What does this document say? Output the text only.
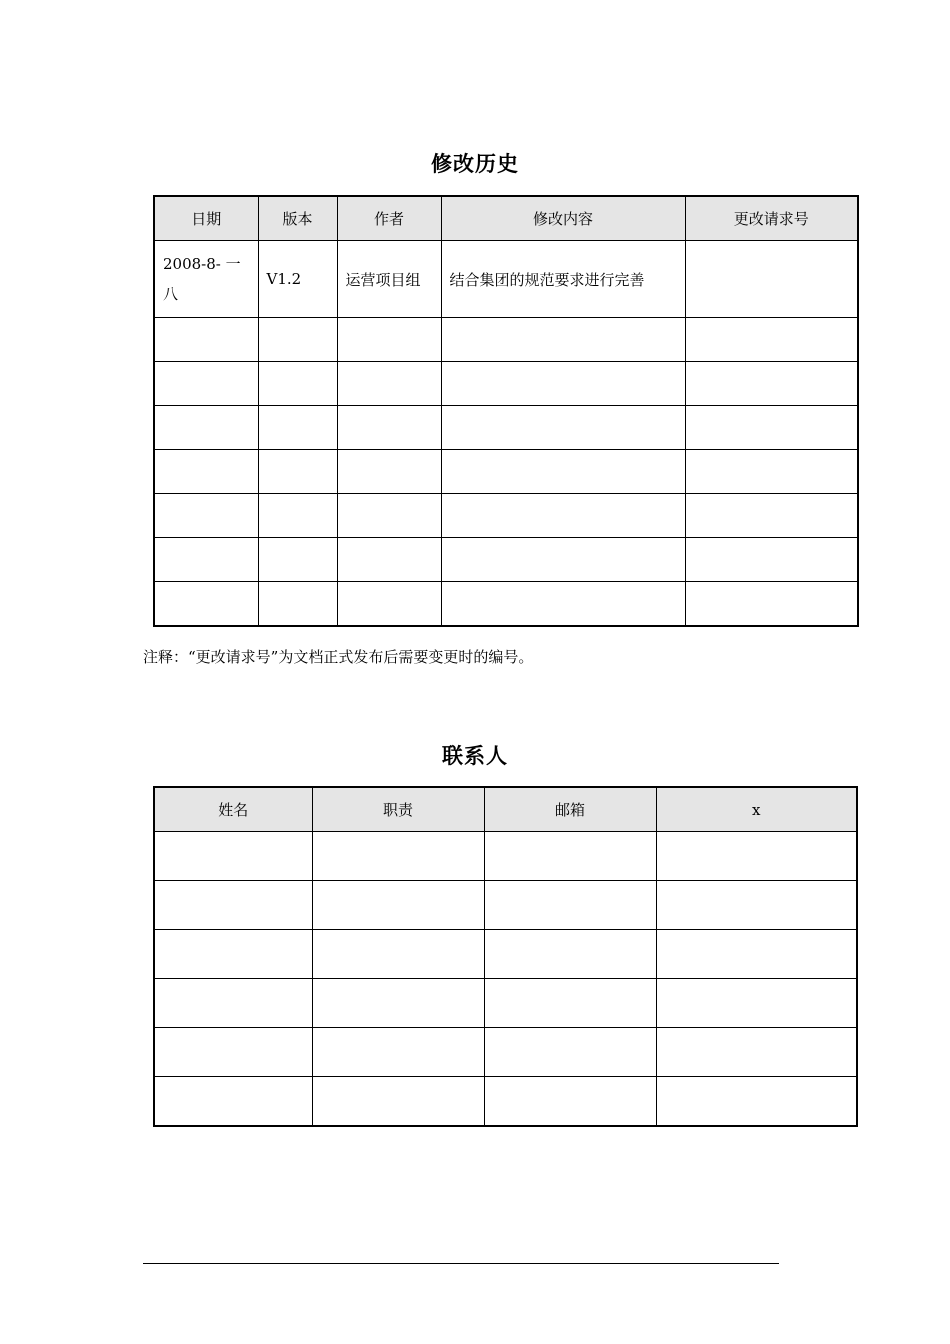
修改历史
日期	版本	作者	修改内容	更改请求号

2008-8- 一八	V1.2	运营项目组	结合集团的规范要求进行完善	

注释：“更改请求号”为文档正式发布后需要变更时的编号。
联系人
姓名	职责	邮箱	x
